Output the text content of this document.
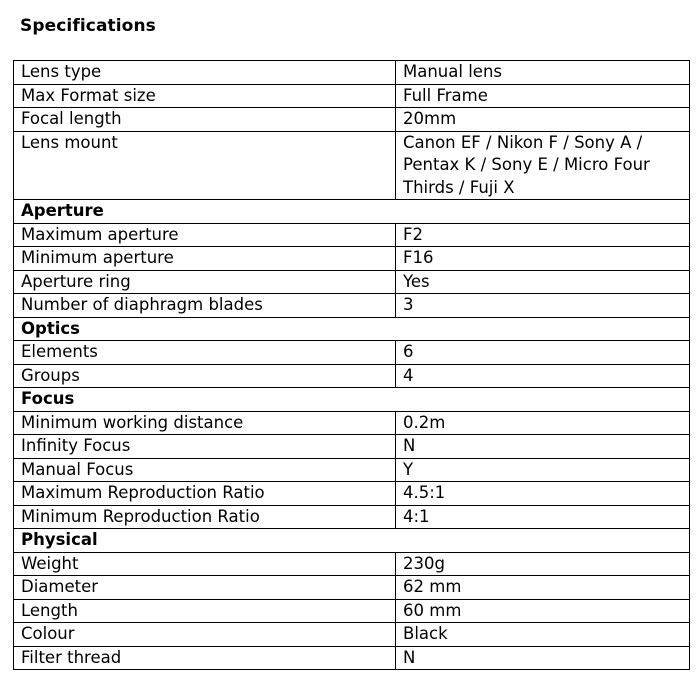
Specifications
Lens type	Manual lens
Max Format size	Full Frame
Focal length	20mm
Lens mount	Canon EF / Nikon F / Sony A / Pentax K / Sony E / Micro Four Thirds / Fuji X
Aperture	
Maximum aperture	F2
Minimum aperture	F16
Aperture ring	Yes
Number of diaphragm blades	3
Optics	
Elements	6
Groups	4
Focus	
Minimum working distance	0.2m
Infinity Focus	N
Manual Focus	Y
Maximum Reproduction Ratio	4.5:1
Minimum Reproduction Ratio	4:1
Physical	
Weight	230g
Diameter	62 mm
Length	60 mm
Colour	Black
Filter thread	N
